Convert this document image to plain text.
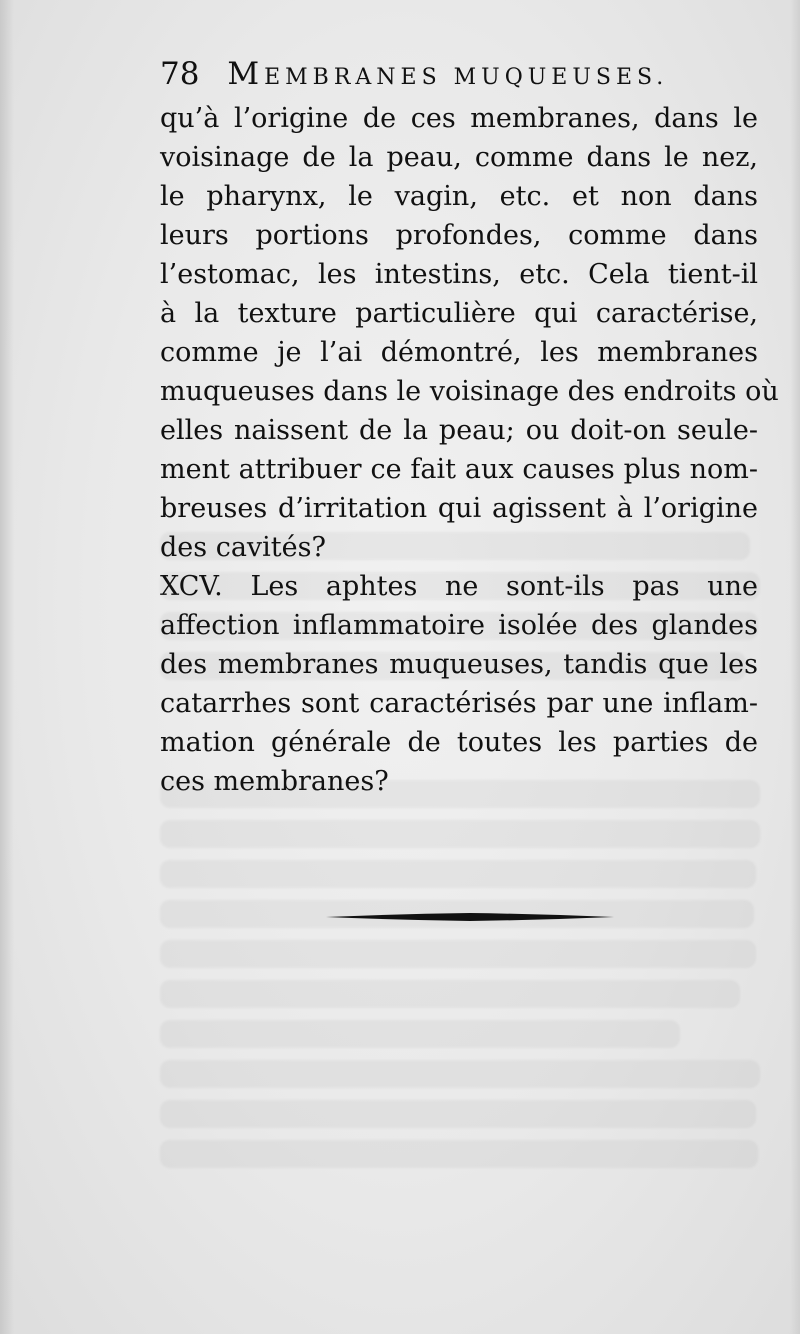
78 MEMBRANES MUQUEUSES.
qu’à l’origine de ces membranes, dans le
voisinage de la peau, comme dans le nez,
le pharynx, le vagin, etc. et non dans
leurs portions profondes, comme dans
l’estomac, les intestins, etc. Cela tient-il
à la texture particulière qui caractérise,
comme je l’ai démontré, les membranes
muqueuses dans le voisinage des endroits où
elles naissent de la peau; ou doit-on seule-
ment attribuer ce fait aux causes plus nom-
breuses d’irritation qui agissent à l’origine
des cavités?
XCV. Les aphtes ne sont-ils pas une
affection inflammatoire isolée des glandes
des membranes muqueuses, tandis que les
catarrhes sont caractérisés par une inflam-
mation générale de toutes les parties de
ces membranes?
